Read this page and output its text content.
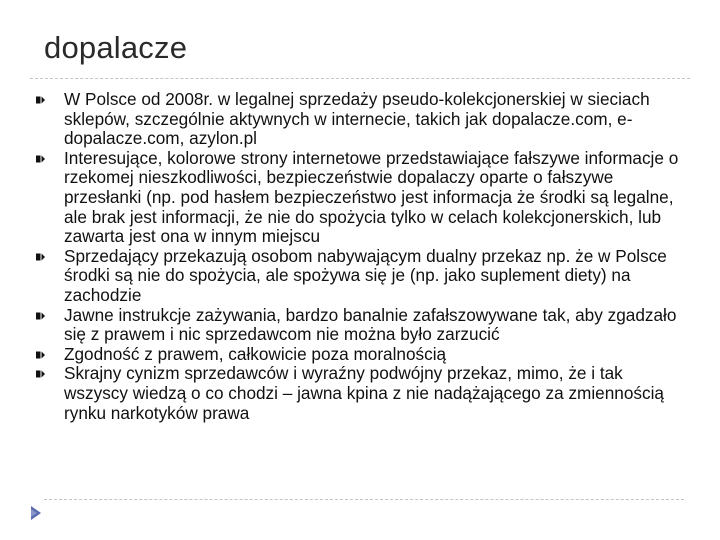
dopalacze
W Polsce od 2008r. w legalnej sprzedaży pseudo-kolekcjonerskiej w sieciach sklepów, szczególnie aktywnych w internecie, takich jak dopalacze.com, e-dopalacze.com, azylon.pl
Interesujące, kolorowe strony internetowe przedstawiające fałszywe informacje o rzekomej nieszkodliwości, bezpieczeństwie dopalaczy oparte o fałszywe przesłanki (np. pod hasłem bezpieczeństwo jest informacja że środki są legalne, ale brak jest informacji, że nie do spożycia tylko w celach kolekcjonerskich, lub zawarta jest ona w innym miejscu
Sprzedający przekazują osobom nabywającym dualny przekaz np. że w Polsce środki są nie do spożycia, ale spożywa się je (np. jako suplement diety) na zachodzie
Jawne instrukcje zażywania, bardzo banalnie zafałszowywane tak, aby zgadzało się z prawem i nic sprzedawcom nie można było zarzucić
Zgodność z prawem, całkowicie poza moralnością
Skrajny cynizm sprzedawców i wyraźny podwójny przekaz, mimo, że i tak wszyscy wiedzą o co chodzi – jawna kpina z nie nadążającego za zmiennością rynku narkotyków prawa
